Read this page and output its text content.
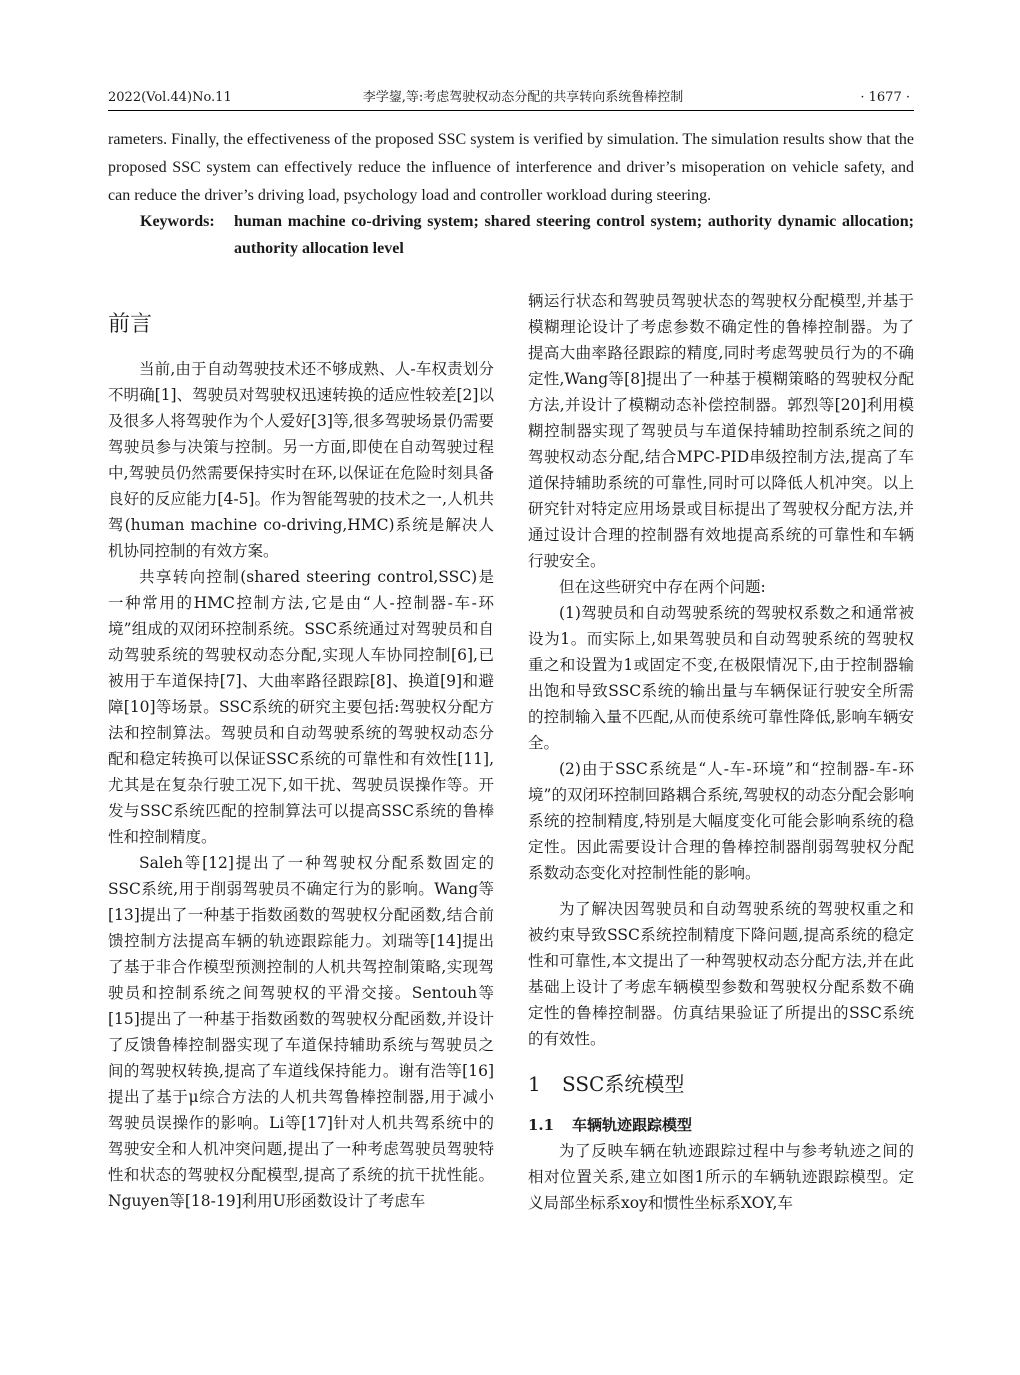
2022(Vol.44)No.11	李学鋆,等:考虑驾驶权动态分配的共享转向系统鲁棒控制	· 1677 ·
rameters. Finally, the effectiveness of the proposed SSC system is verified by simulation. The simulation results show that the proposed SSC system can effectively reduce the influence of interference and driver’s misoperation on vehicle safety, and can reduce the driver’s driving load, psychology load and controller workload during steering.
Keywords:	human machine co-driving system; shared steering control system; authority dynamic allocation; authority allocation level
前言

当前,由于自动驾驶技术还不够成熟、人-车权责划分不明确[1]、驾驶员对驾驶权迅速转换的适应性较差[2]以及很多人将驾驶作为个人爱好[3]等,很多驾驶场景仍需要驾驶员参与决策与控制。另一方面,即使在自动驾驶过程中,驾驶员仍然需要保持实时在环,以保证在危险时刻具备良好的反应能力[4-5]。作为智能驾驶的技术之一,人机共驾(human machine co-driving,HMC)系统是解决人机协同控制的有效方案。

共享转向控制(shared steering control,SSC)是一种常用的HMC控制方法,它是由“人-控制器-车-环境”组成的双闭环控制系统。SSC系统通过对驾驶员和自动驾驶系统的驾驶权动态分配,实现人车协同控制[6],已被用于车道保持[7]、大曲率路径跟踪[8]、换道[9]和避障[10]等场景。SSC系统的研究主要包括:驾驶权分配方法和控制算法。驾驶员和自动驾驶系统的驾驶权动态分配和稳定转换可以保证SSC系统的可靠性和有效性[11],尤其是在复杂行驶工况下,如干扰、驾驶员误操作等。开发与SSC系统匹配的控制算法可以提高SSC系统的鲁棒性和控制精度。

Saleh等[12]提出了一种驾驶权分配系数固定的SSC系统,用于削弱驾驶员不确定行为的影响。Wang等[13]提出了一种基于指数函数的驾驶权分配函数,结合前馈控制方法提高车辆的轨迹跟踪能力。刘瑞等[14]提出了基于非合作模型预测控制的人机共驾控制策略,实现驾驶员和控制系统之间驾驶权的平滑交接。Sentouh等[15]提出了一种基于指数函数的驾驶权分配函数,并设计了反馈鲁棒控制器实现了车道保持辅助系统与驾驶员之间的驾驶权转换,提高了车道线保持能力。谢有浩等[16]提出了基于μ综合方法的人机共驾鲁棒控制器,用于减小驾驶员误操作的影响。Li等[17]针对人机共驾系统中的驾驶安全和人机冲突问题,提出了一种考虑驾驶员驾驶特性和状态的驾驶权分配模型,提高了系统的抗干扰性能。Nguyen等[18-19]利用U形函数设计了考虑车

辆运行状态和驾驶员驾驶状态的驾驶权分配模型,并基于模糊理论设计了考虑参数不确定性的鲁棒控制器。为了提高大曲率路径跟踪的精度,同时考虑驾驶员行为的不确定性,Wang等[8]提出了一种基于模糊策略的驾驶权分配方法,并设计了模糊动态补偿控制器。郭烈等[20]利用模糊控制器实现了驾驶员与车道保持辅助控制系统之间的驾驶权动态分配,结合MPC-PID串级控制方法,提高了车道保持辅助系统的可靠性,同时可以降低人机冲突。以上研究针对特定应用场景或目标提出了驾驶权分配方法,并通过设计合理的控制器有效地提高系统的可靠性和车辆行驶安全。

但在这些研究中存在两个问题:

(1)驾驶员和自动驾驶系统的驾驶权系数之和通常被设为1。而实际上,如果驾驶员和自动驾驶系统的驾驶权重之和设置为1或固定不变,在极限情况下,由于控制器输出饱和导致SSC系统的输出量与车辆保证行驶安全所需的控制输入量不匹配,从而使系统可靠性降低,影响车辆安全。

(2)由于SSC系统是“人-车-环境”和“控制器-车-环境”的双闭环控制回路耦合系统,驾驶权的动态分配会影响系统的控制精度,特别是大幅度变化可能会影响系统的稳定性。因此需要设计合理的鲁棒控制器削弱驾驶权分配系数动态变化对控制性能的影响。

为了解决因驾驶员和自动驾驶系统的驾驶权重之和被约束导致SSC系统控制精度下降问题,提高系统的稳定性和可靠性,本文提出了一种驾驶权动态分配方法,并在此基础上设计了考虑车辆模型参数和驾驶权分配系数不确定性的鲁棒控制器。仿真结果验证了所提出的SSC系统的有效性。

1 SSC系统模型
1.1 车辆轨迹跟踪模型

为了反映车辆在轨迹跟踪过程中与参考轨迹之间的相对位置关系,建立如图1所示的车辆轨迹跟踪模型。定义局部坐标系xoy和惯性坐标系XOY,车
